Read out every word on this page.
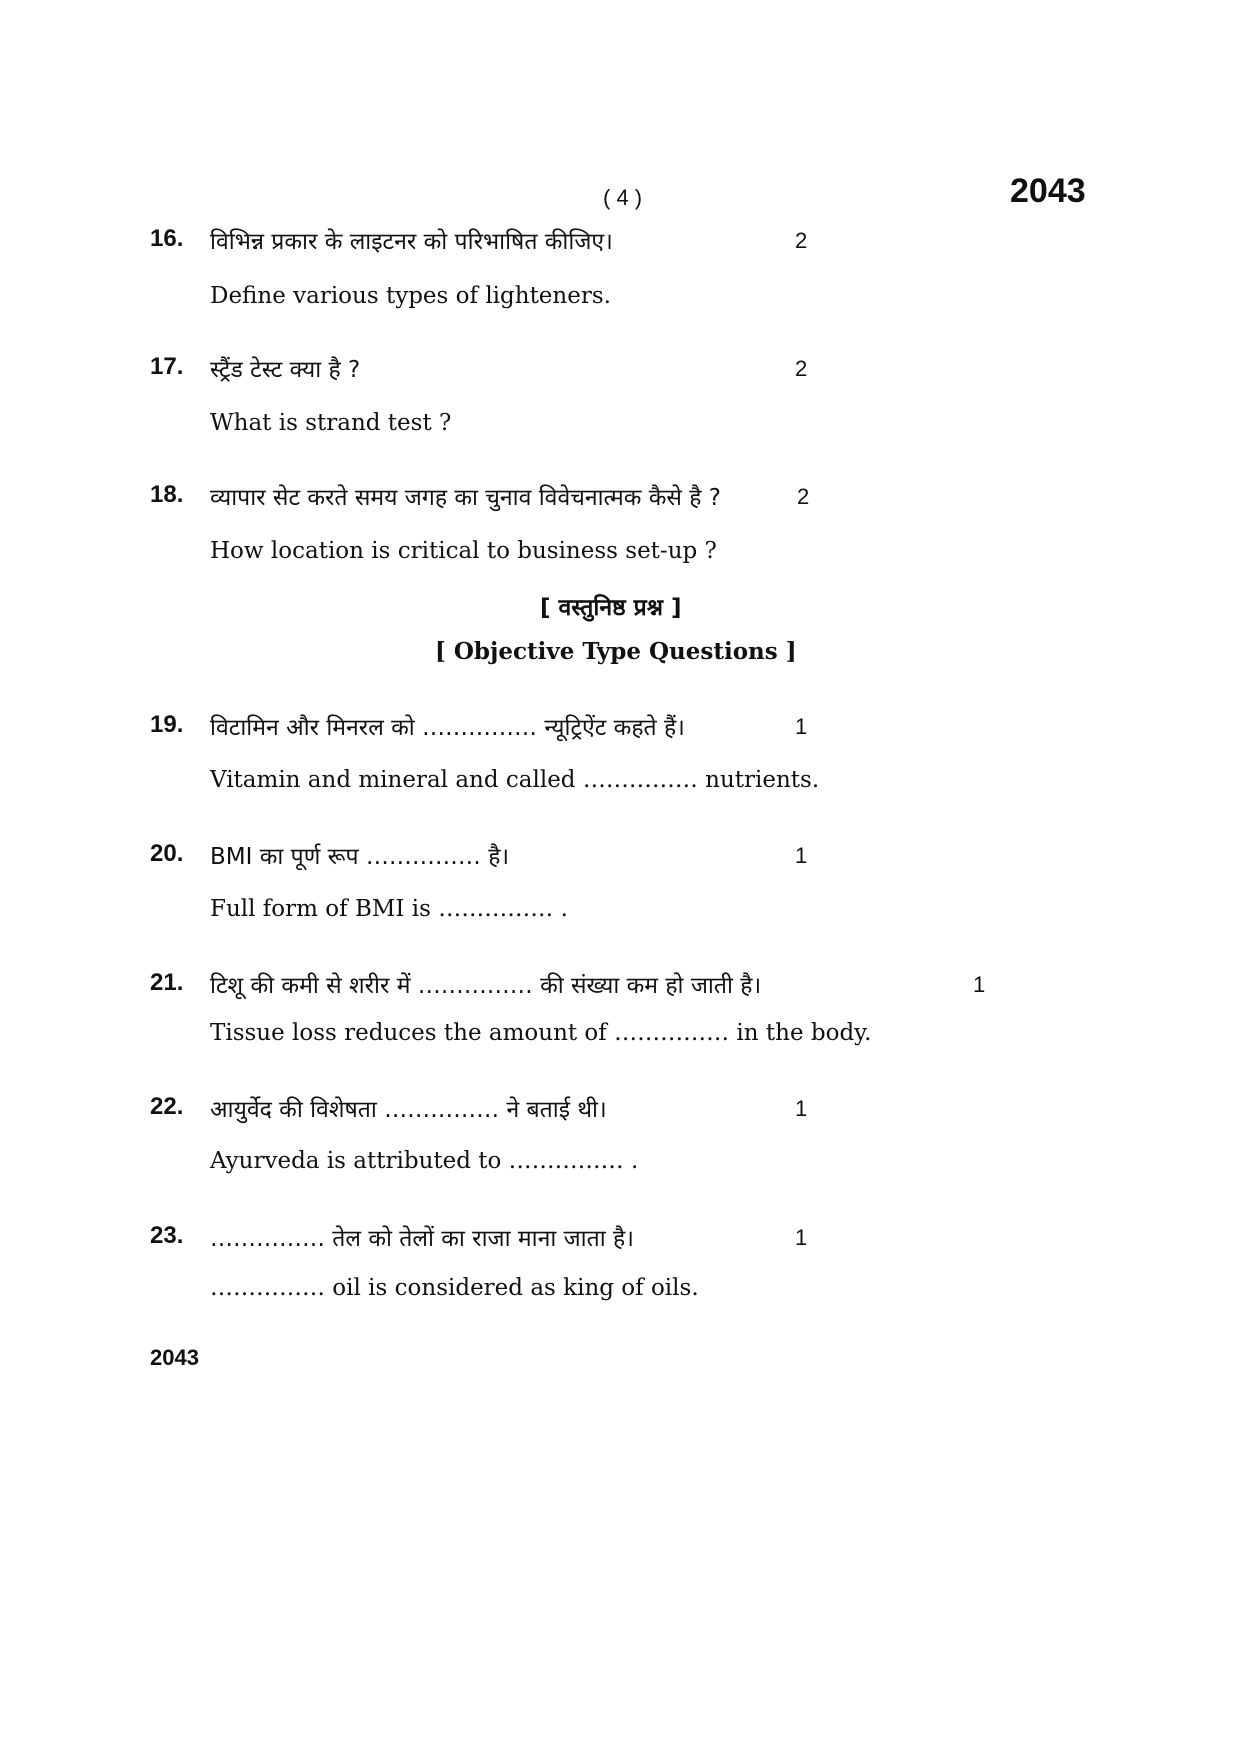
( 4 )	2043
16. विभिन्न प्रकार के लाइटनर को परिभाषित कीजिए।	2
Define various types of lighteners.
17. स्ट्रैंड टेस्ट क्या है ?	2
What is strand test ?
18. व्यापार सेट करते समय जगह का चुनाव विवेचनात्मक कैसे है ?	2
How location is critical to business set-up ?
[ वस्तुनिष्ठ प्रश्न ]
[ Objective Type Questions ]
19. विटामिन और मिनरल को …………… न्यूट्रिऐंट कहते हैं।	1
Vitamin and mineral and called …………… nutrients.
20. BMI का पूर्ण रूप …………… है।	1
Full form of BMI is …………… .
21. टिशू की कमी से शरीर में …………… की संख्या कम हो जाती है।	1
Tissue loss reduces the amount of …………… in the body.
22. आयुर्वेद की विशेषता …………… ने बताई थी।	1
Ayurveda is attributed to …………… .
23. …………… तेल को तेलों का राजा माना जाता है।	1
…………… oil is considered as king of oils.
2043
